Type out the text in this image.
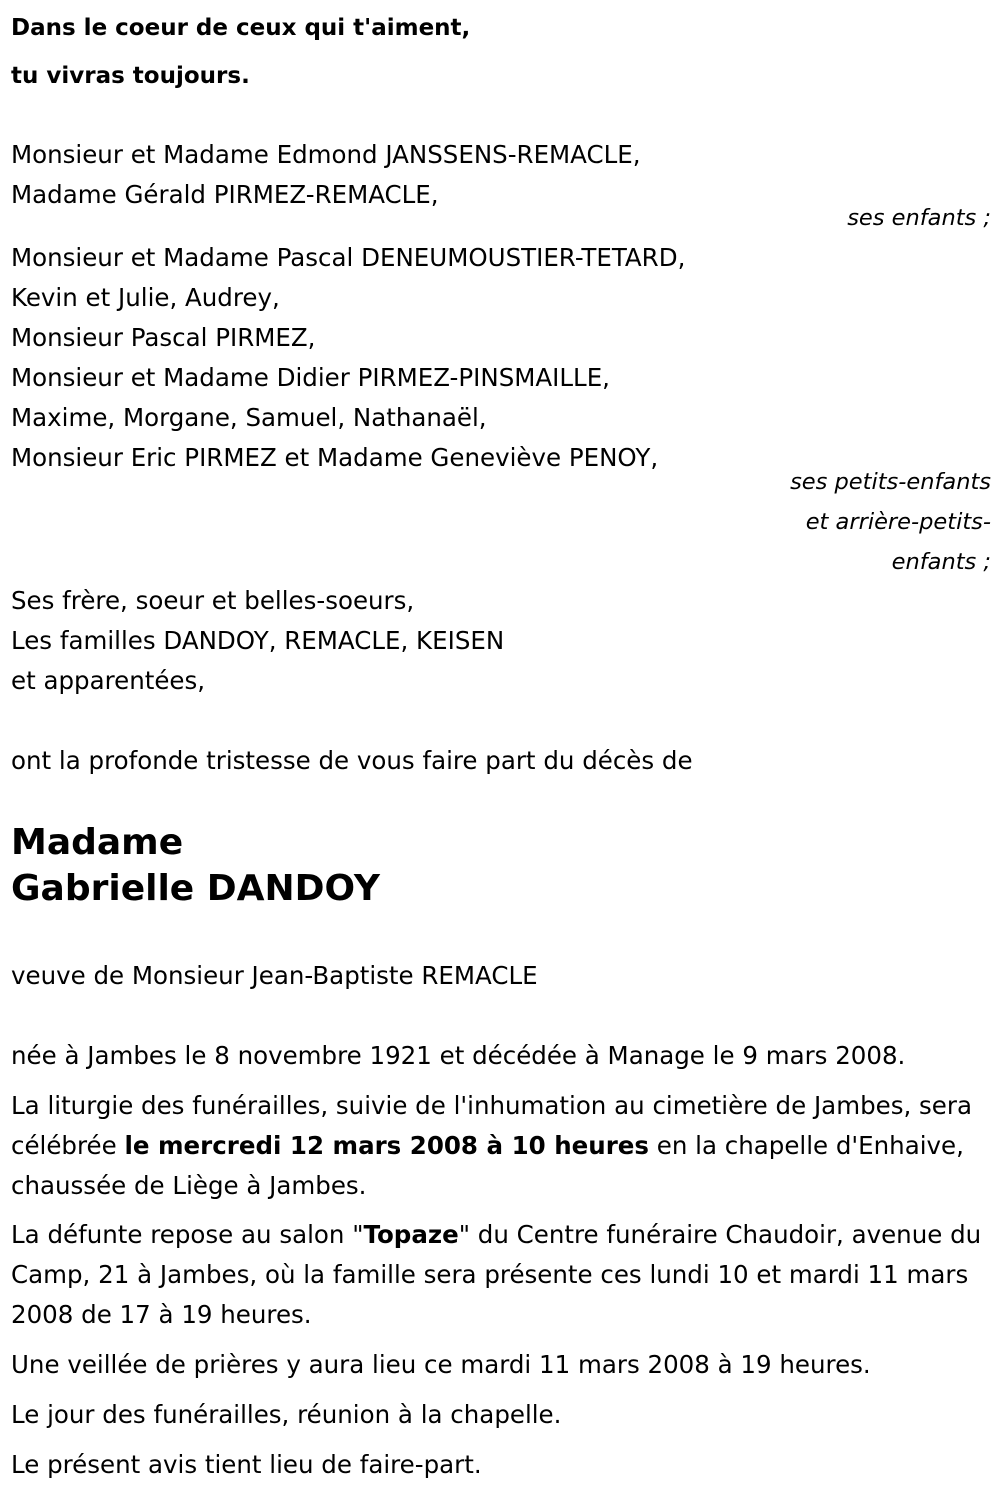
Dans le coeur de ceux qui t'aiment,
tu vivras toujours.
Monsieur et Madame Edmond JANSSENS-REMACLE,
Madame Gérald PIRMEZ-REMACLE,
ses enfants ;
Monsieur et Madame Pascal DENEUMOUSTIER-TETARD,
Kevin et Julie, Audrey,
Monsieur Pascal PIRMEZ,
Monsieur et Madame Didier PIRMEZ-PINSMAILLE,
Maxime, Morgane, Samuel, Nathanaël,
Monsieur Eric PIRMEZ et Madame Geneviève PENOY,
ses petits-enfants
et arrière-petits-
enfants ;
Ses frère, soeur et belles-soeurs,
Les familles DANDOY, REMACLE, KEISEN
et apparentées,
ont la profonde tristesse de vous faire part du décès de
Madame
Gabrielle DANDOY
veuve de Monsieur Jean-Baptiste REMACLE
née à Jambes le 8 novembre 1921 et décédée à Manage le 9 mars 2008.
La liturgie des funérailles, suivie de l'inhumation au cimetière de Jambes, sera célébrée le mercredi 12 mars 2008 à 10 heures en la chapelle d'Enhaive, chaussée de Liège à Jambes.
La défunte repose au salon "Topaze" du Centre funéraire Chaudoir, avenue du Camp, 21 à Jambes, où la famille sera présente ces lundi 10 et mardi 11 mars 2008 de 17 à 19 heures.
Une veillée de prières y aura lieu ce mardi 11 mars 2008 à 19 heures.
Le jour des funérailles, réunion à la chapelle.
Le présent avis tient lieu de faire-part.
